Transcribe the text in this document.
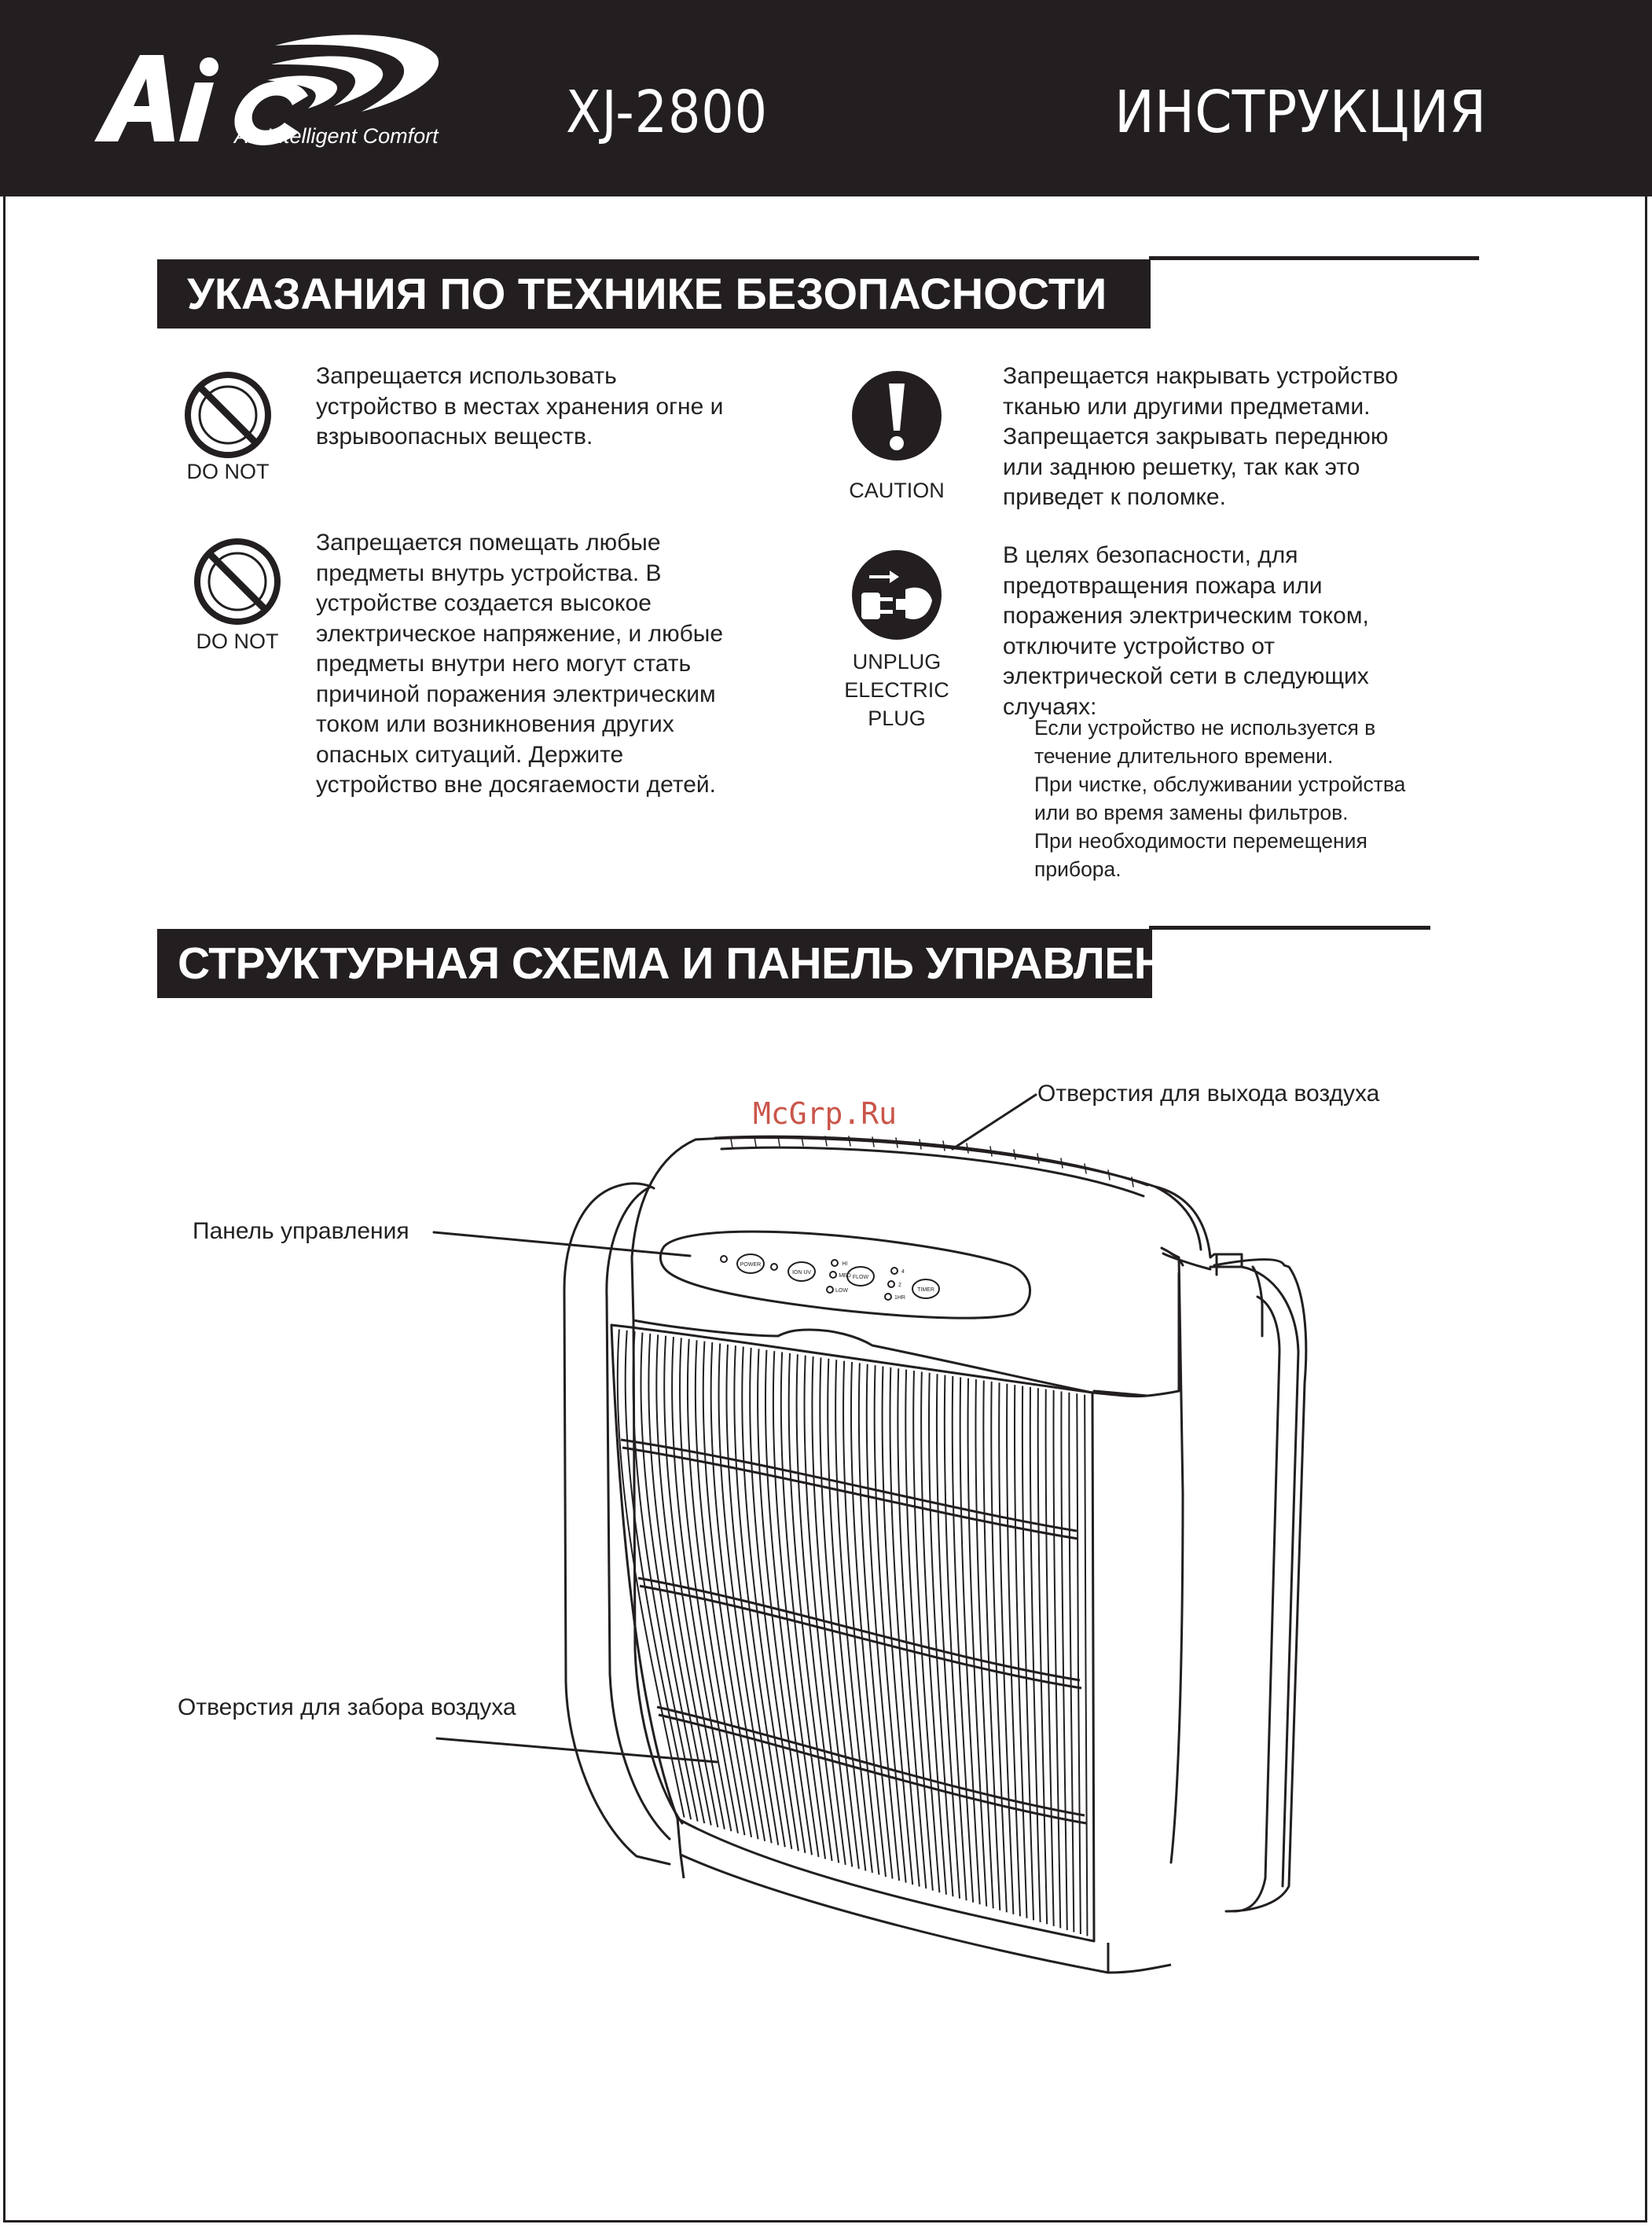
Air Intelligent Comfort XJ-2800	ИНСТРУКЦИЯ
УКАЗАНИЯ ПО ТЕХНИКЕ БЕЗОПАСНОСТИ
DO NOT
Запрещается использовать
устройство в местах хранения огне и
взрывоопасных веществ.
DO NOT
Запрещается помещать любые
предметы внутрь устройства. В
устройстве создается высокое
электрическое напряжение, и любые
предметы внутри него могут стать
причиной поражения электрическим
током или возникновения других
опасных ситуаций. Держите
устройство вне досягаемости детей.
CAUTION
Запрещается накрывать устройство
тканью или другими предметами.
Запрещается закрывать переднюю
или заднюю решетку, так как это
приведет к поломке.
UNPLUG
ELECTRIC
PLUG
В целях безопасности, для
предотвращения пожара или
поражения электрическим током,
отключите устройство от
электрической сети в следующих
случаях:
Если устройство не используется в
течение длительного времени.
При чистке, обслуживании устройства
или во время замены фильтров.
При необходимости перемещения
прибора.
СТРУКТУРНАЯ СХЕМА И ПАНЕЛЬ УПРАВЛЕНИЯ
McGrp.Ru
Отверстия для выхода воздуха
Панель управления
Отверстия для забора воздуха
POWER
ION UV
FLOW
TIMER
HI
MED
LOW
4
2
1HR
